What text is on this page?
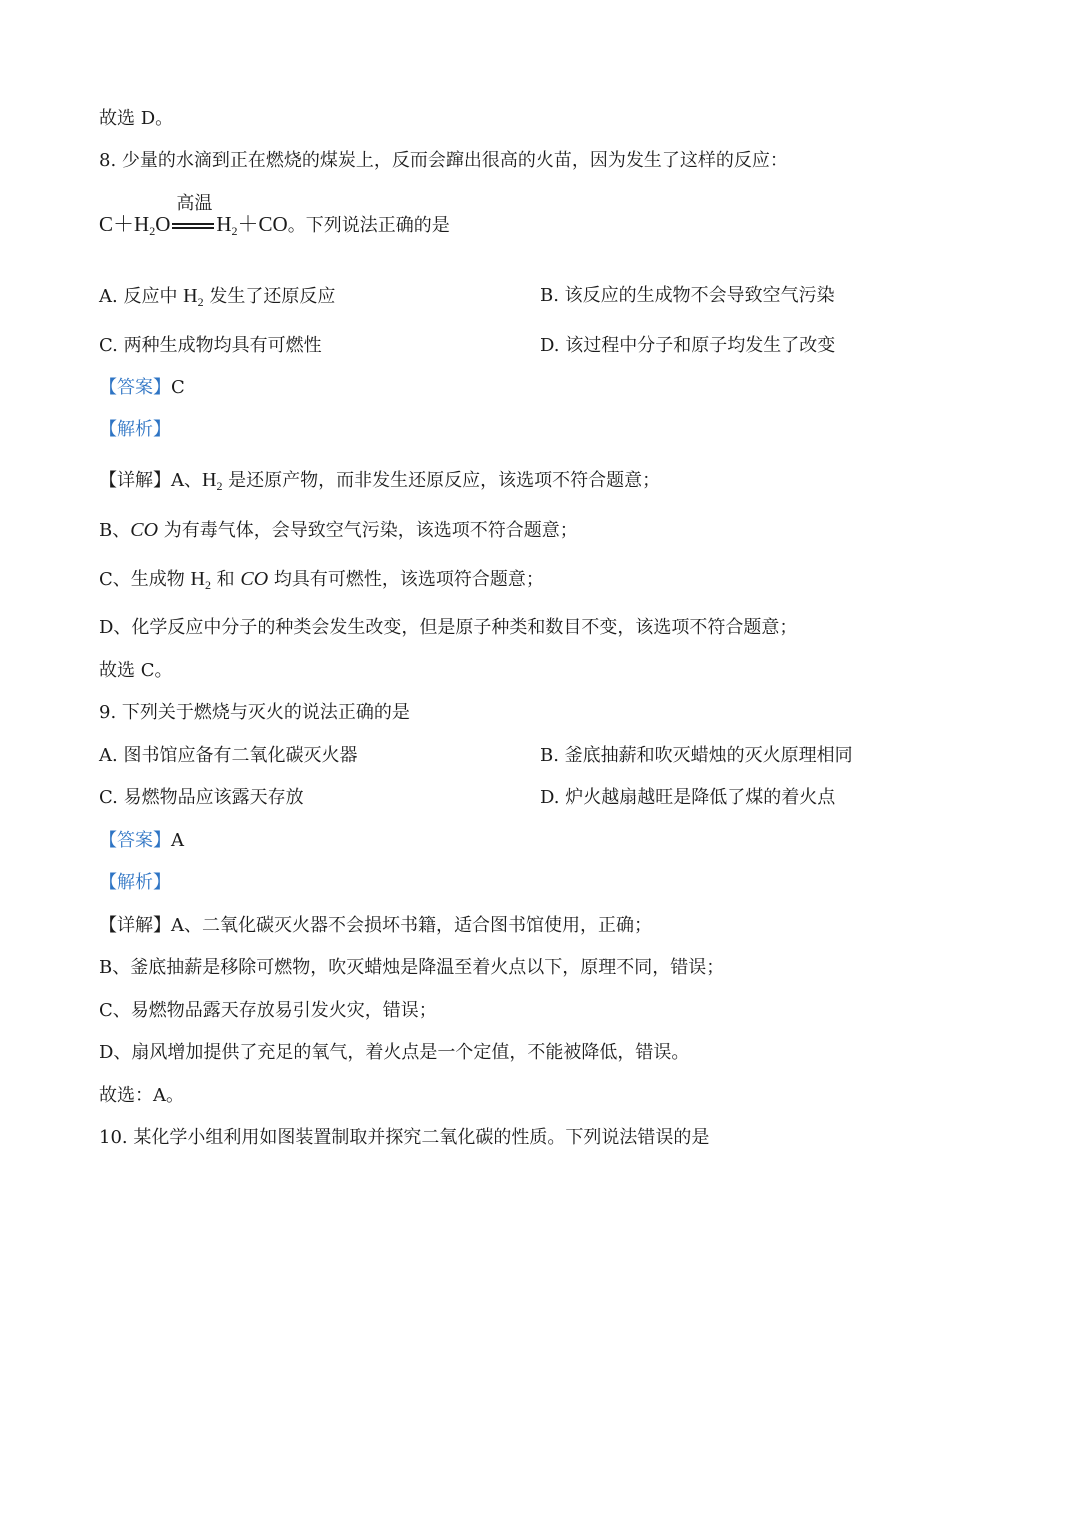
故选 D。
8. 少量的水滴到正在燃烧的煤炭上，反而会蹿出很高的火苗，因为发生了这样的反应：
$C+H_2O$
高温
$H_2+CO$。下列说法正确的是
A. 反应中 $H_2$ 发生了还原反应	B. 该反应的生成物不会导致空气污染
C. 两种生成物均具有可燃性	D. 该过程中分子和原子均发生了改变
【答案】C
【解析】
【详解】A、$H_2$ 是还原产物，而非发生还原反应，该选项不符合题意；
B、CO 为有毒气体，会导致空气污染，该选项不符合题意；
C、生成物 $H_2$ 和 CO 均具有可燃性，该选项符合题意；
D、化学反应中分子的种类会发生改变，但是原子种类和数目不变，该选项不符合题意；
故选 C。
9. 下列关于燃烧与灭火的说法正确的是
A. 图书馆应备有二氧化碳灭火器	B. 釜底抽薪和吹灭蜡烛的灭火原理相同
C. 易燃物品应该露天存放	D. 炉火越扇越旺是降低了煤的着火点
【答案】A
【解析】
【详解】A、二氧化碳灭火器不会损坏书籍，适合图书馆使用，正确；
B、釜底抽薪是移除可燃物，吹灭蜡烛是降温至着火点以下，原理不同，错误；
C、易燃物品露天存放易引发火灾，错误；
D、扇风增加提供了充足的氧气，着火点是一个定值，不能被降低，错误。
故选：A。
10. 某化学小组利用如图装置制取并探究二氧化碳的性质。下列说法错误的是
